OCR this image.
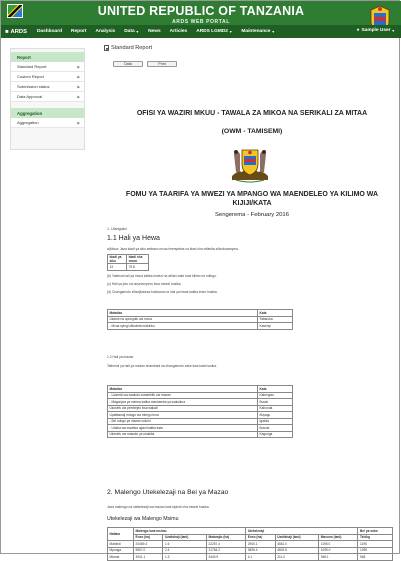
UNITED REPUBLIC OF TANZANIA
ARDS WEB PORTAL
■ ARDS Dashboard Report Analysis Data ▼ News Articles ARDS LGMD2 ▼ Maintenance ▼	● Sample User ▼
Report
Standard Report	▶
Custom Report	▶
Submission status	▶
Data Approval	▶
Aggregation
Aggregation	▶
Standard Report
Data	Print
OFISI YA WAZIRI MKUU - TAWALA ZA MIKOA NA SERIKALI ZA MITAA
(OWM - TAMISEMI)
FOMU YA TAARIFA YA MWEZI YA MPANGO WA MAENDELEO YA KILIMO WA KIJIJI/KATA
Sengerema - February 2016
1. Utangulizi
1.1 Hali ya Hewa
a)Mvua: Jaza idadi ya siku ambazo mvua imenyesha na kiasi cha milimita zilizokusanywa.
Idadi ya siku	Idadi cha mvua
13	79.8
(b) Yaeleza hali ya mvua katika mwezi na athari zake kwa kilimo na mifugo.
(c) Hali ya joto na unyevunyevu kwa mwezi husika.
(d) Changamoto zilizojitokeza kutokana na hali ya hewa katika eneo husika.
Matatizo	Kata
Ukame na upungufu wa mvua	Tabaruka
- Mvua nyingi zilizoleta mafuriko	Kasenyi
1.2 Hali ya mazao
Tathmini ya hali ya mazao shambani na changamoto zake kwa kata husika.
Matatizo	Kata
- Uvamizi wa wadudu waharibifu wa mazao	Katunguru
- Magonjwa ya mimea katika mashamba ya wakulima	Busisi
Ukosefu wa pembejeo kwa wakati	Kahunda
Upatikanaji mdogo wa mbegu bora	Buyagu
- Bei ndogo ya mazao sokoni	Igalula
- Uhaba wa maafisa ugani katika kata	Busola
Ukosefu wa masoko ya uhakika	Kagunga
2. Malengo Utekelezaji na Bei ya Mazao
Jaza malengo na utekelezaji wa mazao kwa kipindi cha mwezi husika.
Utekelezaji wa Malengo Msimu
Nafaka	Malengo kwa msimu			Utekelezaji			Bei ya soko
	Eneo (ha)	Uzalishaji (tani)	Matarajio (ha)	Eneo (ha)	Uzalishaji (tani)	Mavuno (tani)	Tsh/kg
Mahindi	24469.4	1.6	22257.4	2940.1	4661.0	1195.0	1195
Mpunga	9857.0	2.4	21764.2	3696.4	4602.6	1095.0	1095
Mtama	3001.1	1.3	3440.9	4.1	211.0	948.1	948
